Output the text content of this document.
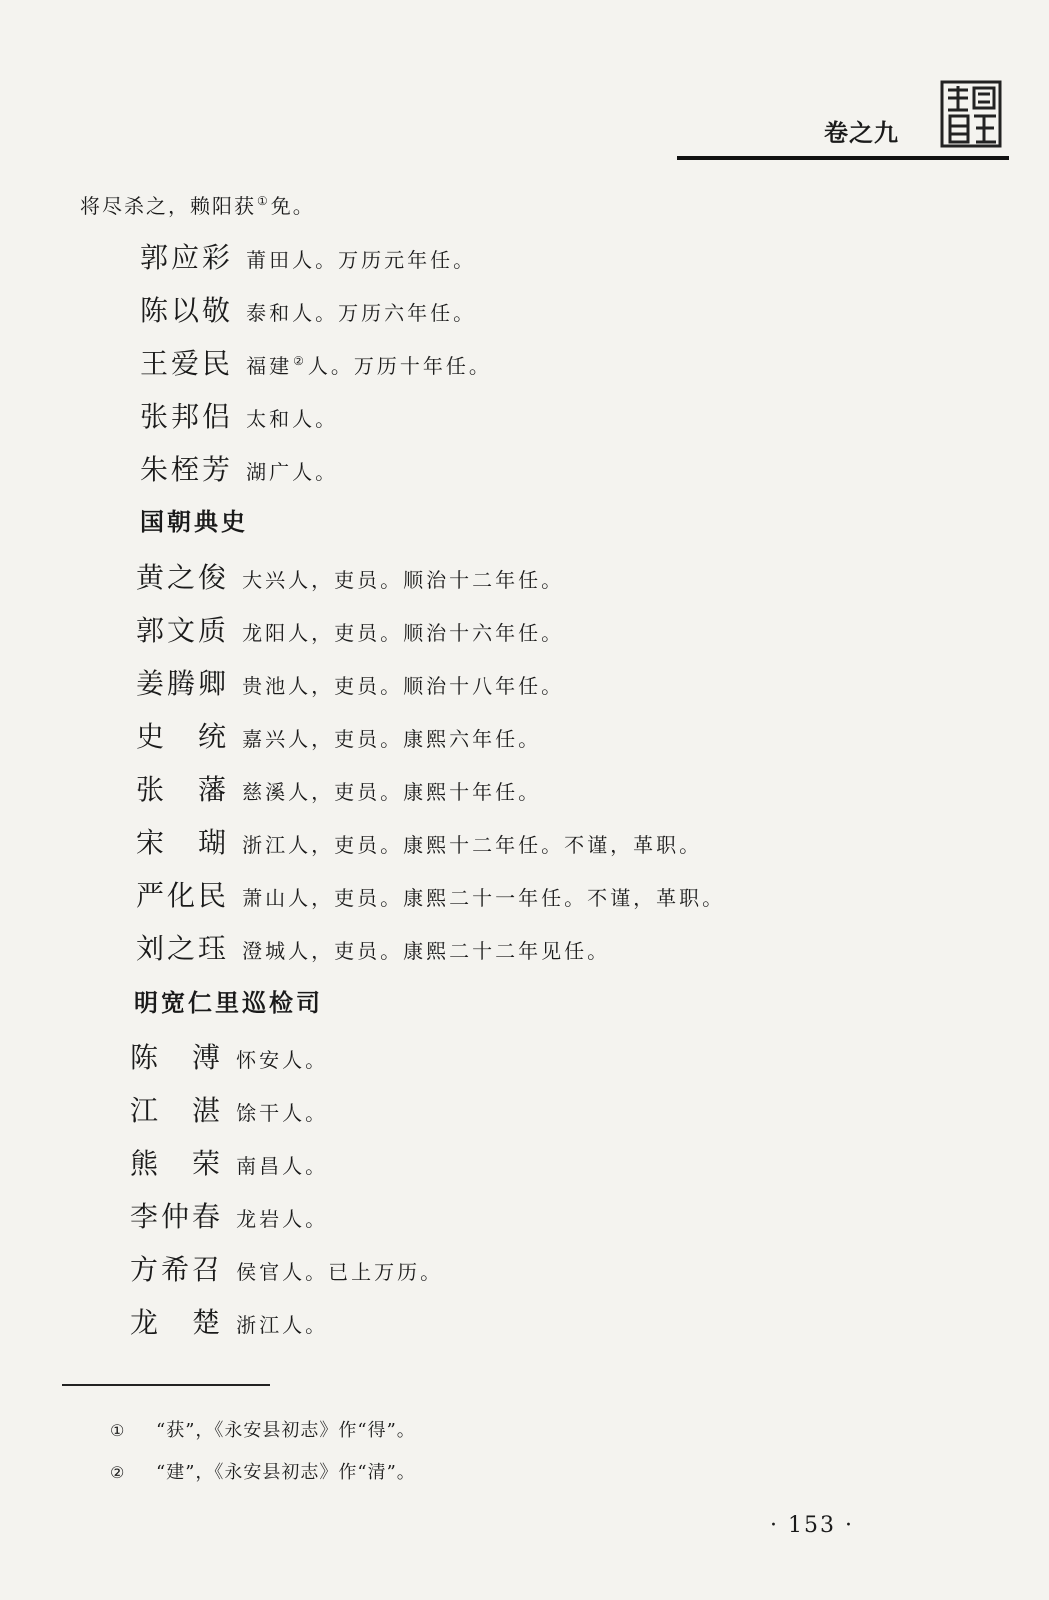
卷之九
将尽杀之，赖阳获①免。
郭应彩 莆田人。万历元年任。
陈以敬 泰和人。万历六年任。
王爱民 福建②人。万历十年任。
张邦侣 太和人。
朱桎芳 湖广人。
国朝典史
黄之俊 大兴人，吏员。顺治十二年任。
郭文质 龙阳人，吏员。顺治十六年任。
姜腾卿 贵池人，吏员。顺治十八年任。
史　统 嘉兴人，吏员。康熙六年任。
张　藩 慈溪人，吏员。康熙十年任。
宋　瑚 浙江人，吏员。康熙十二年任。不谨，革职。
严化民 萧山人，吏员。康熙二十一年任。不谨，革职。
刘之珏 澄城人，吏员。康熙二十二年见任。
明宽仁里巡检司
陈　溥 怀安人。
江　湛 馀干人。
熊　荣 南昌人。
李仲春 龙岩人。
方希召 侯官人。已上万历。
龙　楚 浙江人。
① “获”，《永安县初志》作“得”。
② “建”，《永安县初志》作“清”。
· 153 ·
